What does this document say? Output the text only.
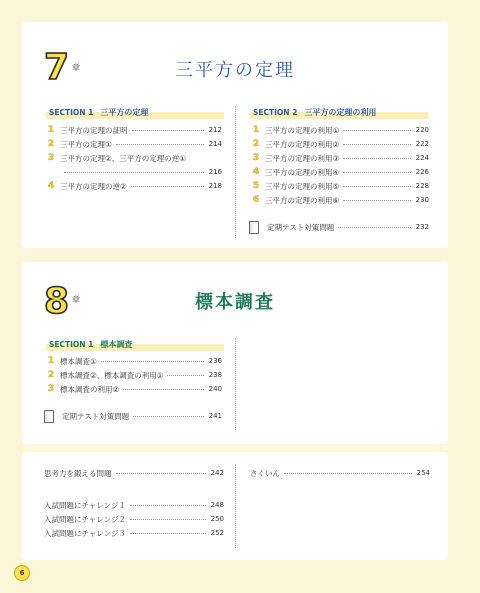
7 章	三平方の定理
SECTION 1 三平方の定理
1 三平方の定理の証明	212
2 三平方の定理①	214
3 三平方の定理②、三平方の定理の逆①
216
4 三平方の定理の逆②	218
SECTION 2 三平方の定理の利用
1 三平方の定理の利用①	220
2 三平方の定理の利用②	222
3 三平方の定理の利用③	224
4 三平方の定理の利用④	226
5 三平方の定理の利用⑤	228
6 三平方の定理の利用⑥	230
定期テスト対策問題	232
8 章	標本調査
SECTION 1 標本調査
1 標本調査①	236
2 標本調査②、標本調査の利用①	238
3 標本調査の利用②	240
定期テスト対策問題	241
思考力を鍛える問題	242
入試問題にチャレンジ１	248
入試問題にチャレンジ２	250
入試問題にチャレンジ３	252
さくいん	254
6
